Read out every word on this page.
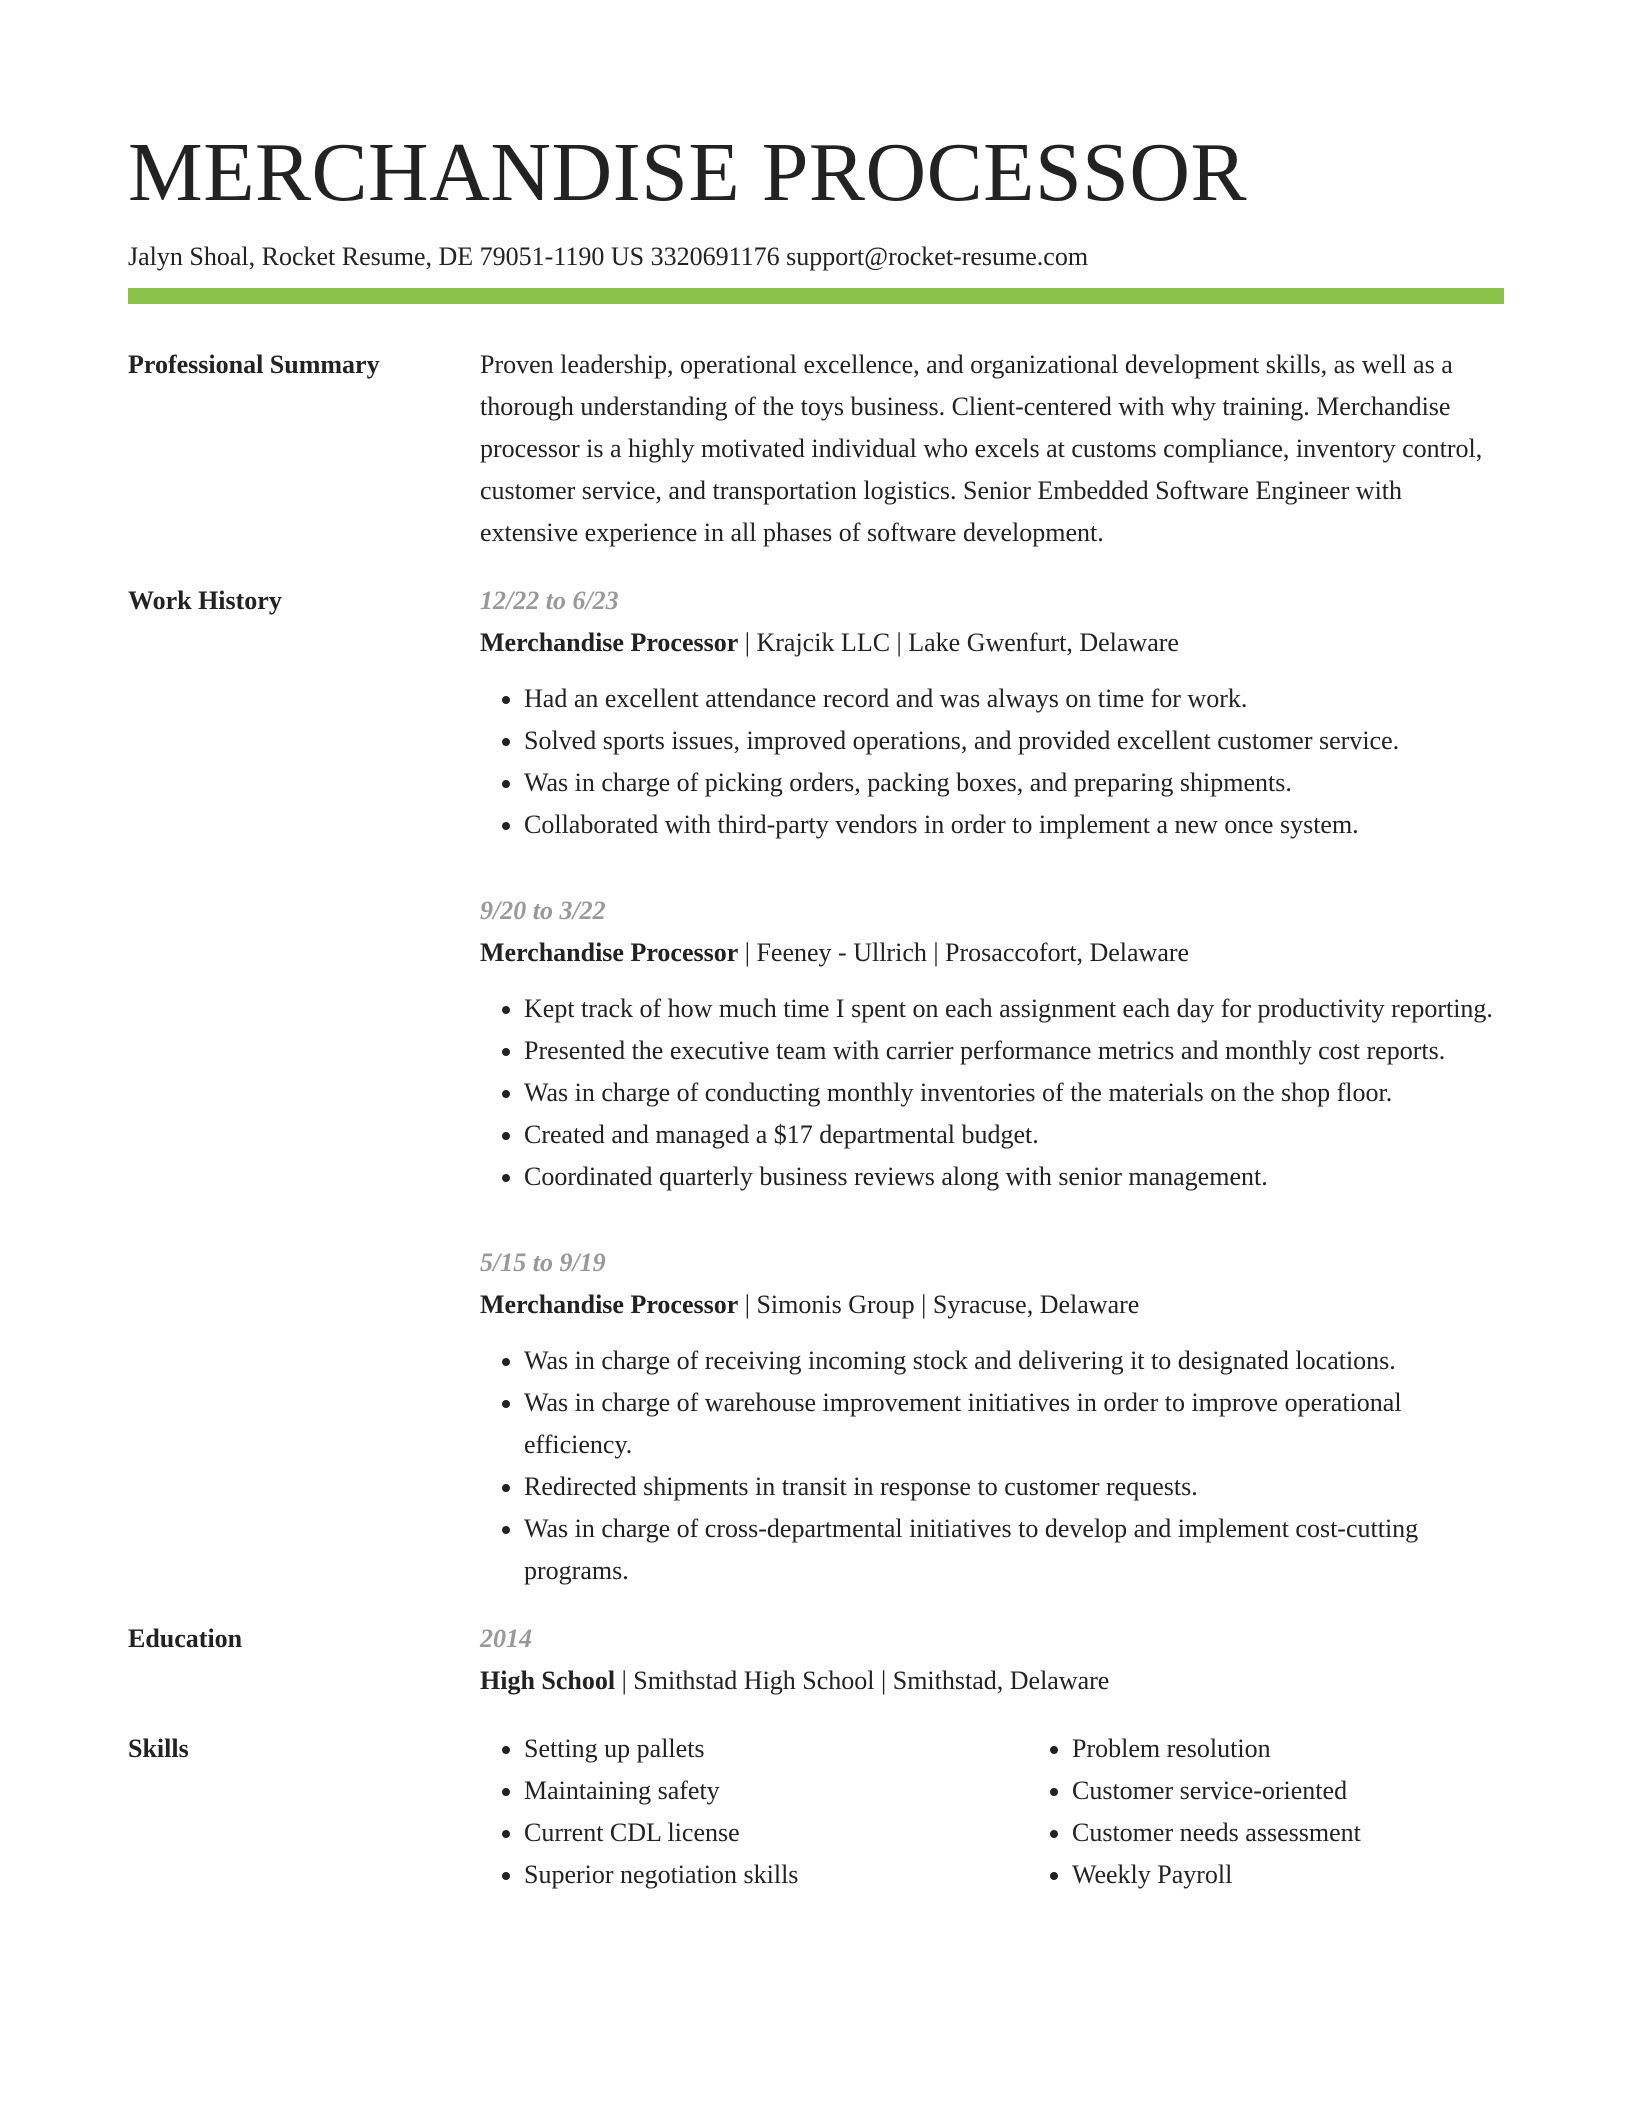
MERCHANDISE PROCESSOR
Jalyn Shoal, Rocket Resume, DE 79051-1190 US 3320691176 support@rocket-resume.com
Professional Summary	Proven leadership, operational excellence, and organizational development skills, as well as a thorough understanding of the toys business. Client-centered with why training. Merchandise processor is a highly motivated individual who excels at customs compliance, inventory control, customer service, and transportation logistics. Senior Embedded Software Engineer with extensive experience in all phases of software development.

Work History	12/22 to 6/23
Merchandise Processor | Krajcik LLC | Lake Gwenfurt, Delaware
• Had an excellent attendance record and was always on time for work.
• Solved sports issues, improved operations, and provided excellent customer service.
• Was in charge of picking orders, packing boxes, and preparing shipments.
• Collaborated with third-party vendors in order to implement a new once system.
9/20 to 3/22
Merchandise Processor | Feeney - Ullrich | Prosaccofort, Delaware
• Kept track of how much time I spent on each assignment each day for productivity reporting.
• Presented the executive team with carrier performance metrics and monthly cost reports.
• Was in charge of conducting monthly inventories of the materials on the shop floor.
• Created and managed a $17 departmental budget.
• Coordinated quarterly business reviews along with senior management.
5/15 to 9/19
Merchandise Processor | Simonis Group | Syracuse, Delaware
• Was in charge of receiving incoming stock and delivering it to designated locations.
• Was in charge of warehouse improvement initiatives in order to improve operational efficiency.
• Redirected shipments in transit in response to customer requests.
• Was in charge of cross-departmental initiatives to develop and implement cost-cutting programs.
Education	2014
High School | Smithstad High School | Smithstad, Delaware
Skills
•	Setting up pallets
• Maintaining safety
• Current CDL license
• Superior negotiation skills
• Problem resolution
• Customer service-oriented
• Customer needs assessment
• Weekly Payroll
